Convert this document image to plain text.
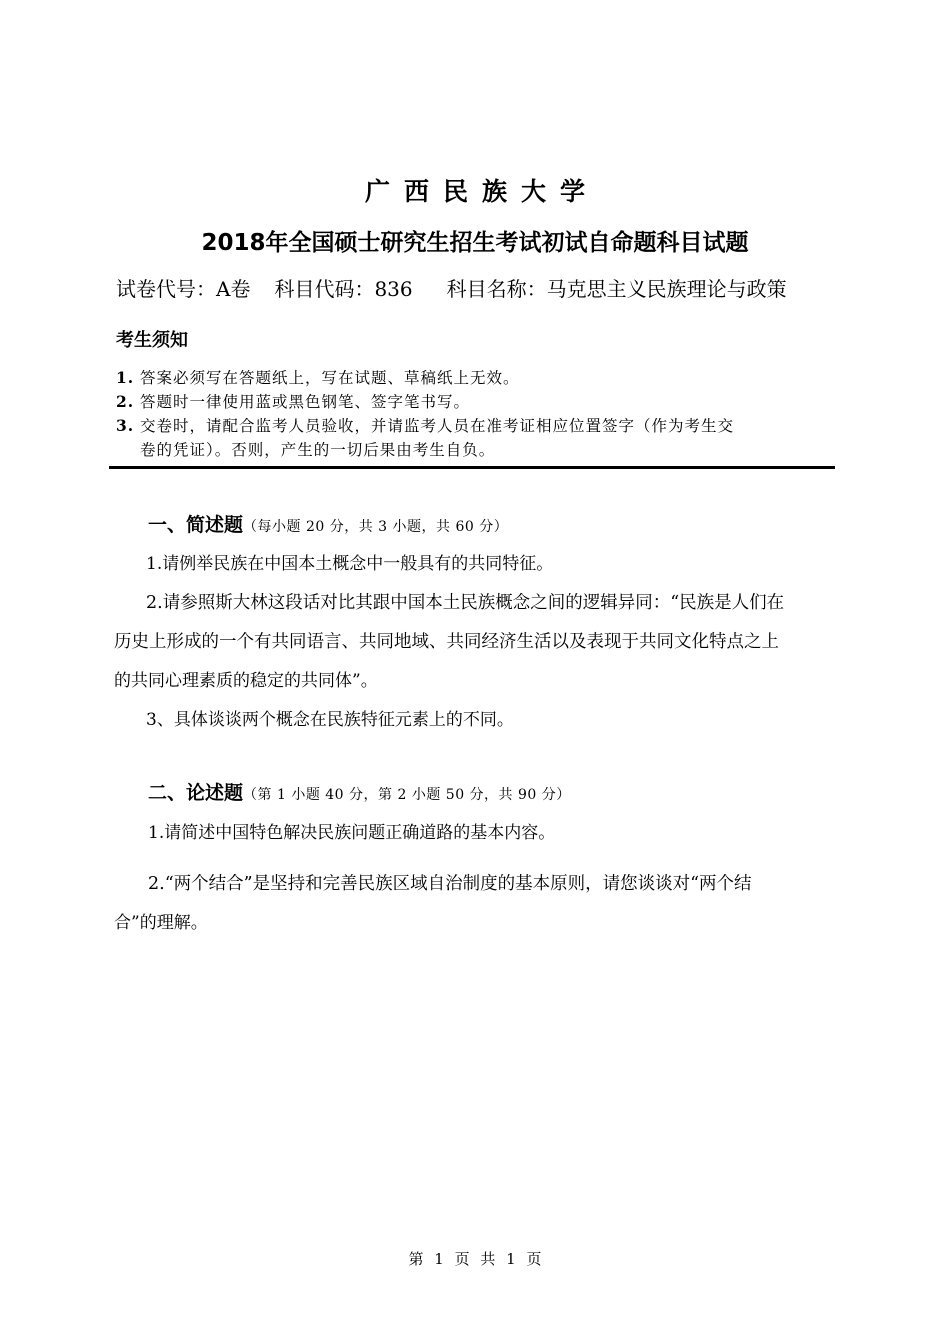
广西民族大学
2018年全国硕士研究生招生考试初试自命题科目试题
试卷代号：A卷 科目代码：836 科目名称：马克思主义民族理论与政策
考生须知
1. 答案必须写在答题纸上，写在试题、草稿纸上无效。
2. 答题时一律使用蓝或黑色钢笔、签字笔书写。
3. 交卷时，请配合监考人员验收，并请监考人员在准考证相应位置签字（作为考生交
卷的凭证）。否则，产生的一切后果由考生自负。
一、简述题（每小题 20 分，共 3 小题，共 60 分）
1.请例举民族在中国本土概念中一般具有的共同特征。
2.请参照斯大林这段话对比其跟中国本土民族概念之间的逻辑异同：“民族是人们在
历史上形成的一个有共同语言、共同地域、共同经济生活以及表现于共同文化特点之上
的共同心理素质的稳定的共同体”。
3、具体谈谈两个概念在民族特征元素上的不同。
二、论述题（第 1 小题 40 分，第 2 小题 50 分，共 90 分）
1.请简述中国特色解决民族问题正确道路的基本内容。
2.“两个结合”是坚持和完善民族区域自治制度的基本原则，请您谈谈对“两个结
合”的理解。
第 1 页 共 1 页
